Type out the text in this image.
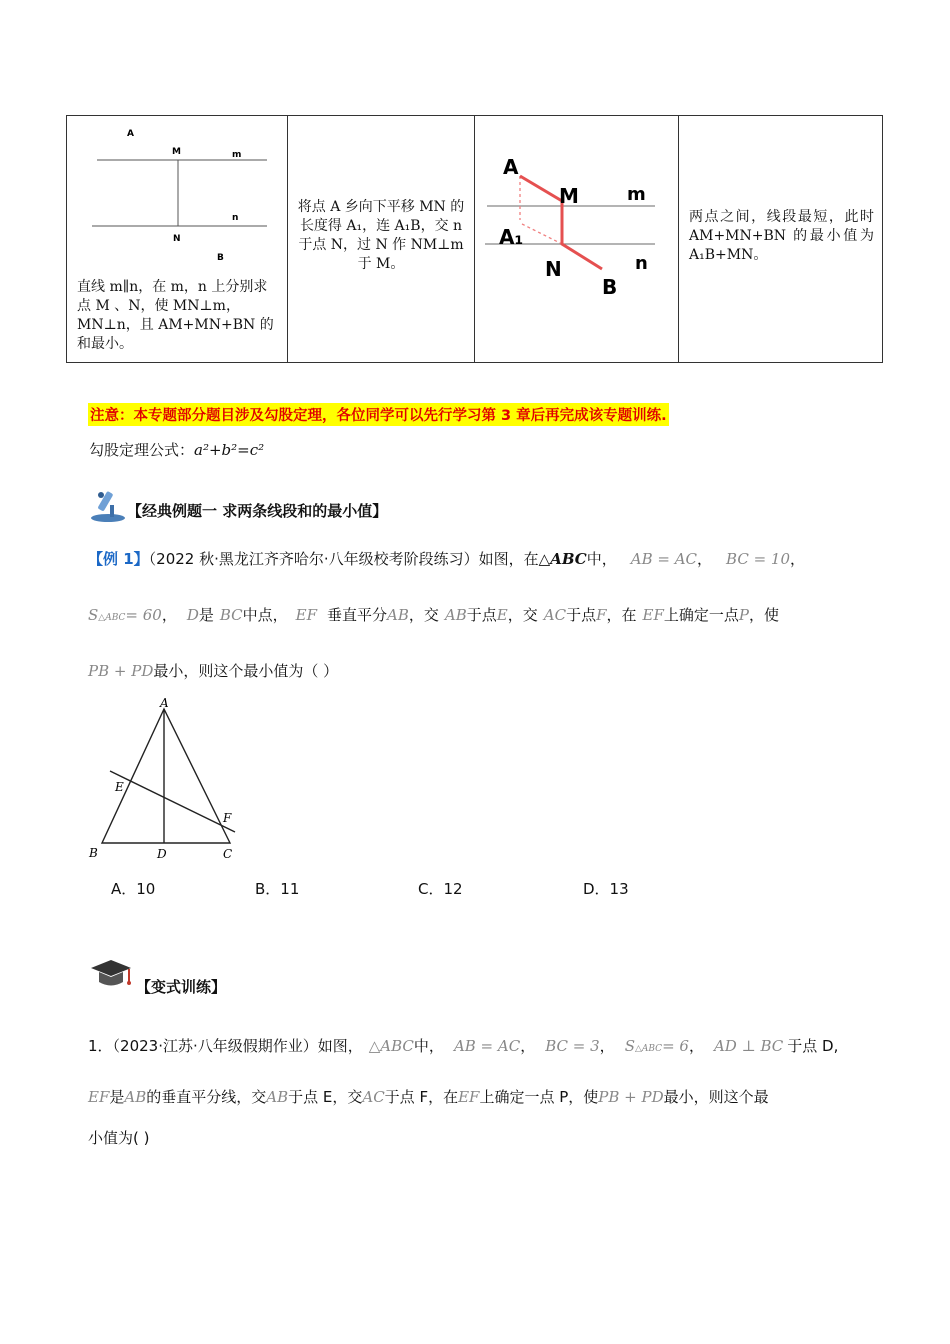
A
M	m
n
N
B
直线 m∥n，在 m，n 上分别求点 M 、N，使 MN⊥m，MN⊥n，且 AM+MN+BN 的和最小。

将点 A 乡向下平移 MN 的长度得 A₁，连 A₁B，交 n 于点 N，过 N 作 NM⊥m 于 M。

A
M	m
A₁
N	n
B

两点之间，线段最短，此时 AM+MN+BN 的最小值为 A₁B+MN。
注意：本专题部分题目涉及勾股定理，各位同学可以先行学习第 3 章后再完成该专题训练.
勾股定理公式：a²+b²=c²
【经典例题一 求两条线段和的最小值】
【例 1】（2022 秋·黑龙江齐齐哈尔·八年级校考阶段练习）如图，在△ABC中， AB = AC， BC = 10，
S△ABC= 60， D是 BC中点， EF 垂直平分AB，交 AB于点E，交 AC于点F，在 EF上确定一点P，使
PB + PD最小，则这个最小值为（ ）
A
E
F
B	D	C
A．10	B．11	C．12	D．13
【变式训练】
1．（2023·江苏·八年级假期作业）如图， △ABC中， AB = AC， BC = 3， S△ABC= 6， AD ⊥ BC 于点 D,
EF是AB的垂直平分线，交AB于点 E，交AC于点 F，在EF上确定一点 P，使PB + PD最小，则这个最
小值为( )
